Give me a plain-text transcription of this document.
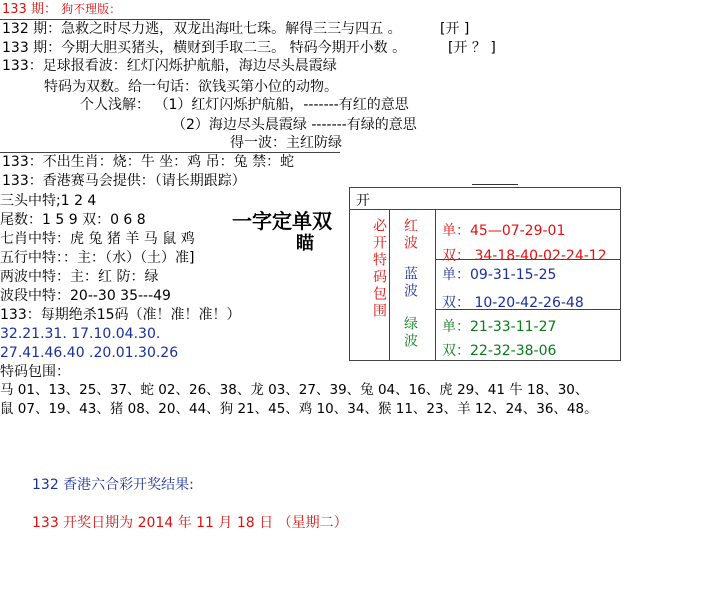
133 期： 狗不理版：
132 期：急救之时尽力逃，双龙出海吐七珠。解得三三与四五 。	[开 ]
133 期：今期大胆买猪头，横财到手取二三。 特码今期开小数 。	[开 ？ ]
133：足球报看波：红灯闪烁护航船，海边尽头晨霞绿
特码为双数。给一句话：欲钱买第小位的动物。
个人浅解： （1）红灯闪烁护航船，-------有红的意思
（2）海边尽头晨霞绿 -------有绿的意思
得一波：主红防绿
133：不出生肖：烧：牛 坐：鸡 吊：兔 禁：蛇
133：香港赛马会提供：（请长期跟踪）
三头中特;1 2 4
尾数：1 5 9 双：0 6 8
七肖中特：虎 兔 猪 羊 马 鼠 鸡
五行中特：：主：（水）（土）准]
两波中特：主：红 防：绿
波段中特：20--30 35---49
133：每期绝杀15码（准！准！准！）
32.21.31. 17.10.04.30.
27.41.46.40 .20.01.30.26
特码包围：
马 01、13、25、37、蛇 02、26、38、龙 03、27、39、兔 04、16、虎 29、41 牛 18、30、
鼠 07、19、43、猪 08、20、44、狗 21、45、鸡 10、34、猴 11、23、羊 12、24、36、48。
一字定单双
瞄
开
必开特码包围 红波
蓝波
绿波
单：45—07-29-01
双： 34-18-40-02-24-12
单：09-31-15-25
双： 10-20-42-26-48
单：21-33-11-27
双：22-32-38-06
132 香港六合彩开奖结果:
133 开奖日期为 2014 年 11 月 18 日 （星期二）
